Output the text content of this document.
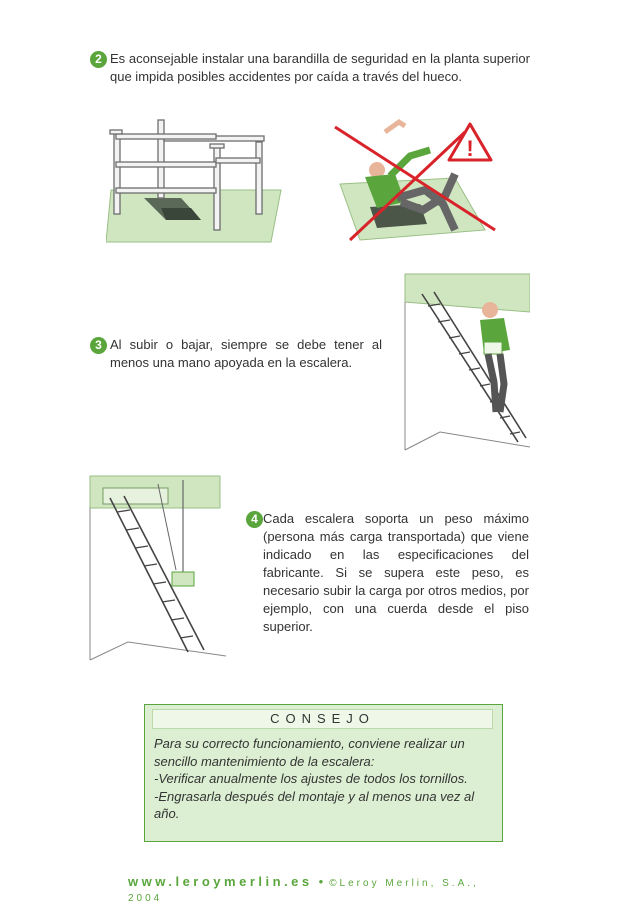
2 Es aconsejable instalar una barandilla de seguridad en la planta superior que impida posibles accidentes por caída a través del hueco.
!
3 Al subir o bajar, siempre se debe tener al menos una mano apoyada en la escalera.
4 Cada escalera soporta un peso máximo (persona más carga transportada) que viene indicado en las especificaciones del fabricante. Si se supera este peso, es necesario subir la carga por otros medios, por ejemplo, con una cuerda desde el piso superior.
CONSEJO

Para su correcto funcionamiento, conviene realizar un sencillo mantenimiento de la escalera:

-Verificar anualmente los ajustes de todos los tornillos.

-Engrasarla después del montaje y al menos una vez al año.

www.leroymerlin.es • ©Leroy Merlin, S.A., 2004
